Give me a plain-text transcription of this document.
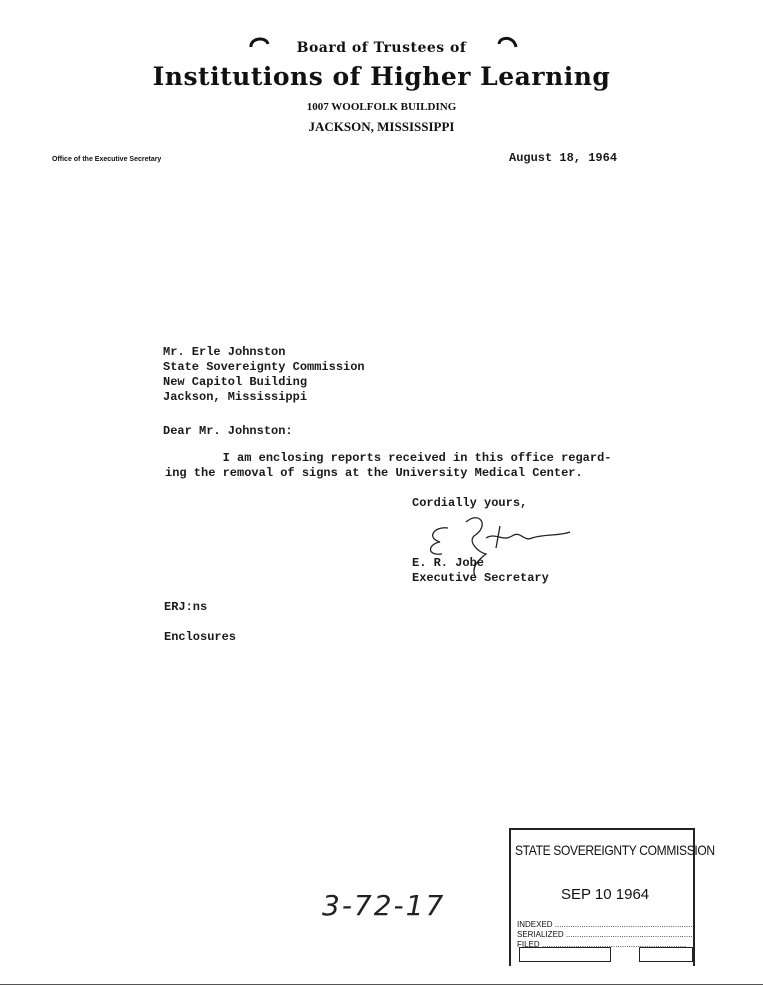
Board of Trustees of
Institutions of Higher Learning
1007 WOOLFOLK BUILDING
JACKSON, MISSISSIPPI
Office of the Executive Secretary	August 18, 1964
Mr. Erle Johnston
State Sovereignty Commission
New Capitol Building
Jackson, Mississippi
Dear Mr. Johnston:
I am enclosing reports received in this office regard-
ing the removal of signs at the University Medical Center.
Cordially yours,
E. R. Jobe
Executive Secretary
ERJ:ns
Enclosures
3-72-17
STATE SOVEREIGNTY COMMISSION
SEP 10 1964
INDEXED .....
SERIALIZED .....
FILED .....
